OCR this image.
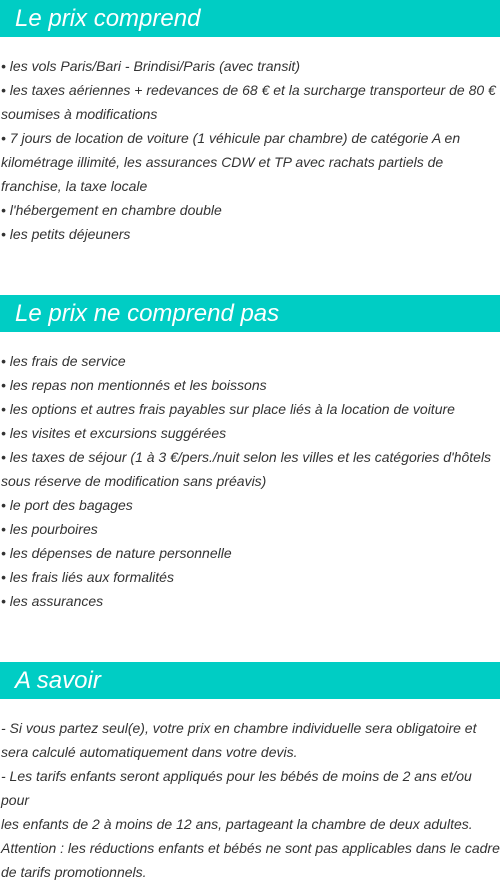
Le prix comprend

• les vols Paris/Bari - Brindisi/Paris (avec transit)

• les taxes aériennes + redevances de 68 € et la surcharge transporteur de 80 €

soumises à modifications

• 7 jours de location de voiture (1 véhicule par chambre) de catégorie A en

kilométrage illimité, les assurances CDW et TP avec rachats partiels de

franchise, la taxe locale

• l'hébergement en chambre double

• les petits déjeuners

Le prix ne comprend pas

• les frais de service

• les repas non mentionnés et les boissons

• les options et autres frais payables sur place liés à la location de voiture

• les visites et excursions suggérées

• les taxes de séjour (1 à 3 €/pers./nuit selon les villes et les catégories d'hôtels

sous réserve de modification sans préavis)

• le port des bagages

• les pourboires

• les dépenses de nature personnelle

• les frais liés aux formalités

• les assurances

A savoir

- Si vous partez seul(e), votre prix en chambre individuelle sera obligatoire et

sera calculé automatiquement dans votre devis.

- Les tarifs enfants seront appliqués pour les bébés de moins de 2 ans et/ou pour

les enfants de 2 à moins de 12 ans, partageant la chambre de deux adultes.

Attention : les réductions enfants et bébés ne sont pas applicables dans le cadre

de tarifs promotionnels.
